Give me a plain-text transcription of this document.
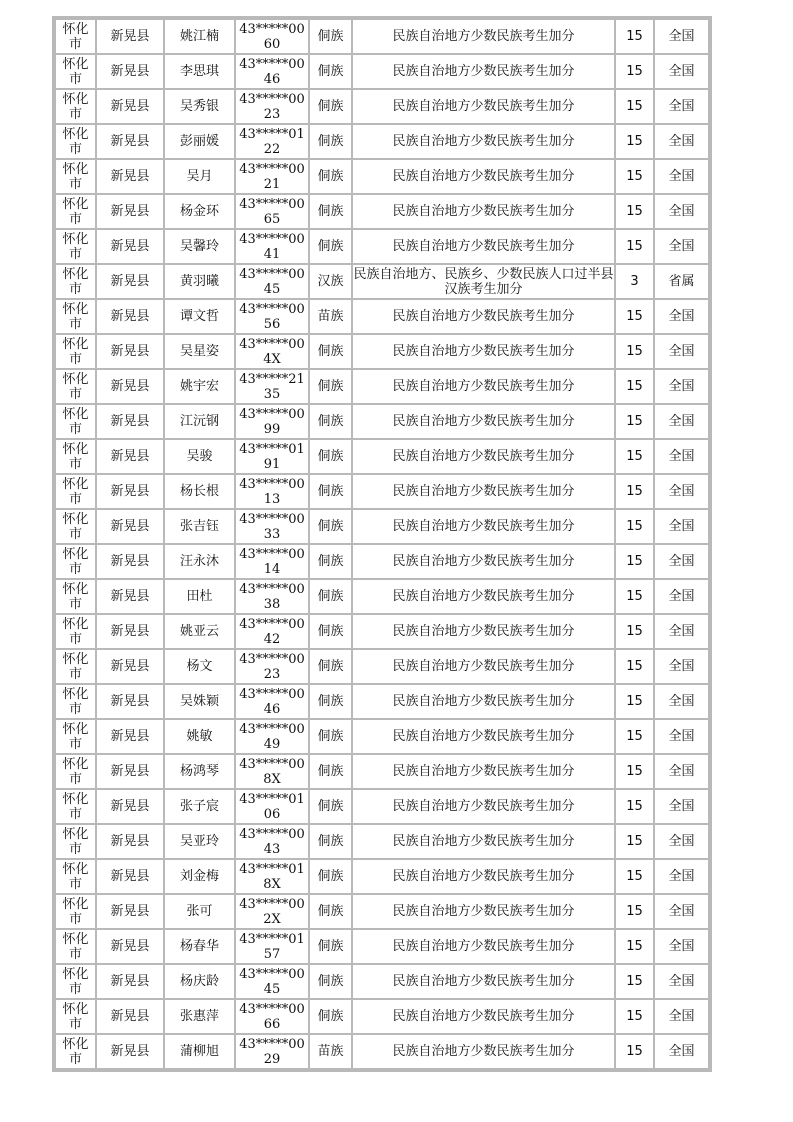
怀化市	新晃县	姚江楠	43*****0060	侗族	民族自治地方少数民族考生加分	15	全国

怀化市	新晃县	李思琪	43*****0046	侗族	民族自治地方少数民族考生加分	15	全国

怀化市	新晃县	吴秀银	43*****0023	侗族	民族自治地方少数民族考生加分	15	全国

怀化市	新晃县	彭丽媛	43*****0122	侗族	民族自治地方少数民族考生加分	15	全国

怀化市	新晃县	吴月	43*****0021	侗族	民族自治地方少数民族考生加分	15	全国

怀化市	新晃县	杨金环	43*****0065	侗族	民族自治地方少数民族考生加分	15	全国

怀化市	新晃县	吴馨玲	43*****0041	侗族	民族自治地方少数民族考生加分	15	全国

怀化市	新晃县	黄羽曦	43*****0045	汉族	民族自治地方、民族乡、少数民族人口过半县汉族考生加分	3	省属

怀化市	新晃县	谭文哲	43*****0056	苗族	民族自治地方少数民族考生加分	15	全国

怀化市	新晃县	吴星姿	43*****004X	侗族	民族自治地方少数民族考生加分	15	全国

怀化市	新晃县	姚宇宏	43*****2135	侗族	民族自治地方少数民族考生加分	15	全国

怀化市	新晃县	江沅钢	43*****0099	侗族	民族自治地方少数民族考生加分	15	全国

怀化市	新晃县	吴骏	43*****0191	侗族	民族自治地方少数民族考生加分	15	全国

怀化市	新晃县	杨长根	43*****0013	侗族	民族自治地方少数民族考生加分	15	全国

怀化市	新晃县	张吉钰	43*****0033	侗族	民族自治地方少数民族考生加分	15	全国

怀化市	新晃县	汪永沐	43*****0014	侗族	民族自治地方少数民族考生加分	15	全国

怀化市	新晃县	田杜	43*****0038	侗族	民族自治地方少数民族考生加分	15	全国

怀化市	新晃县	姚亚云	43*****0042	侗族	民族自治地方少数民族考生加分	15	全国

怀化市	新晃县	杨文	43*****0023	侗族	民族自治地方少数民族考生加分	15	全国

怀化市	新晃县	吴姝颖	43*****0046	侗族	民族自治地方少数民族考生加分	15	全国

怀化市	新晃县	姚敏	43*****0049	侗族	民族自治地方少数民族考生加分	15	全国

怀化市	新晃县	杨鸿琴	43*****008X	侗族	民族自治地方少数民族考生加分	15	全国

怀化市	新晃县	张子宸	43*****0106	侗族	民族自治地方少数民族考生加分	15	全国

怀化市	新晃县	吴亚玲	43*****0043	侗族	民族自治地方少数民族考生加分	15	全国

怀化市	新晃县	刘金梅	43*****018X	侗族	民族自治地方少数民族考生加分	15	全国

怀化市	新晃县	张可	43*****002X	侗族	民族自治地方少数民族考生加分	15	全国

怀化市	新晃县	杨春华	43*****0157	侗族	民族自治地方少数民族考生加分	15	全国

怀化市	新晃县	杨庆龄	43*****0045	侗族	民族自治地方少数民族考生加分	15	全国

怀化市	新晃县	张惠萍	43*****0066	侗族	民族自治地方少数民族考生加分	15	全国

怀化市	新晃县	蒲柳旭	43*****0029	苗族	民族自治地方少数民族考生加分	15	全国
